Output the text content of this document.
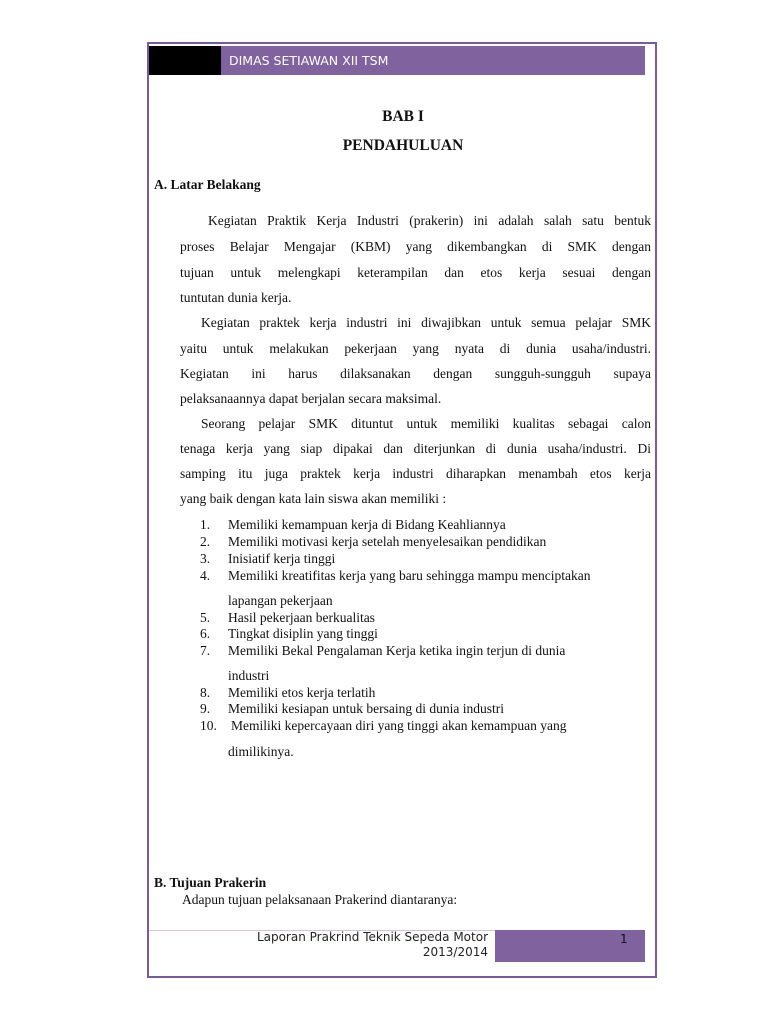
DIMAS SETIAWAN XII TSM
BAB I
PENDAHULUAN
A. Latar Belakang
Kegiatan Praktik Kerja Industri (prakerin) ini adalah salah satu bentuk
proses Belajar Mengajar (KBM) yang dikembangkan di SMK dengan
tujuan untuk melengkapi keterampilan dan etos kerja sesuai dengan
tuntutan dunia kerja.
Kegiatan praktek kerja industri ini diwajibkan untuk semua pelajar SMK
yaitu untuk melakukan pekerjaan yang nyata di dunia usaha/industri.
Kegiatan ini harus dilaksanakan dengan sungguh-sungguh supaya
pelaksanaannya dapat berjalan secara maksimal.
Seorang pelajar SMK dituntut untuk memiliki kualitas sebagai calon
tenaga kerja yang siap dipakai dan diterjunkan di dunia usaha/industri. Di
samping itu juga praktek kerja industri diharapkan menambah etos kerja
yang baik dengan kata lain siswa akan memiliki :
1. Memiliki kemampuan kerja di Bidang Keahliannya
2. Memiliki motivasi kerja setelah menyelesaikan pendidikan
3. Inisiatif kerja tinggi
4. Memiliki kreatifitas kerja yang baru sehingga mampu menciptakan
lapangan pekerjaan
5. Hasil pekerjaan berkualitas
6. Tingkat disiplin yang tinggi
7. Memiliki Bekal Pengalaman Kerja ketika ingin terjun di dunia
industri
8. Memiliki etos kerja terlatih
9. Memiliki kesiapan untuk bersaing di dunia industri
10. Memiliki kepercayaan diri yang tinggi akan kemampuan yang
dimilikinya.
B. Tujuan Prakerin
Adapun tujuan pelaksanaan Prakerind diantaranya:
Laporan Prakrind Teknik Sepeda Motor
2013/2014
1
